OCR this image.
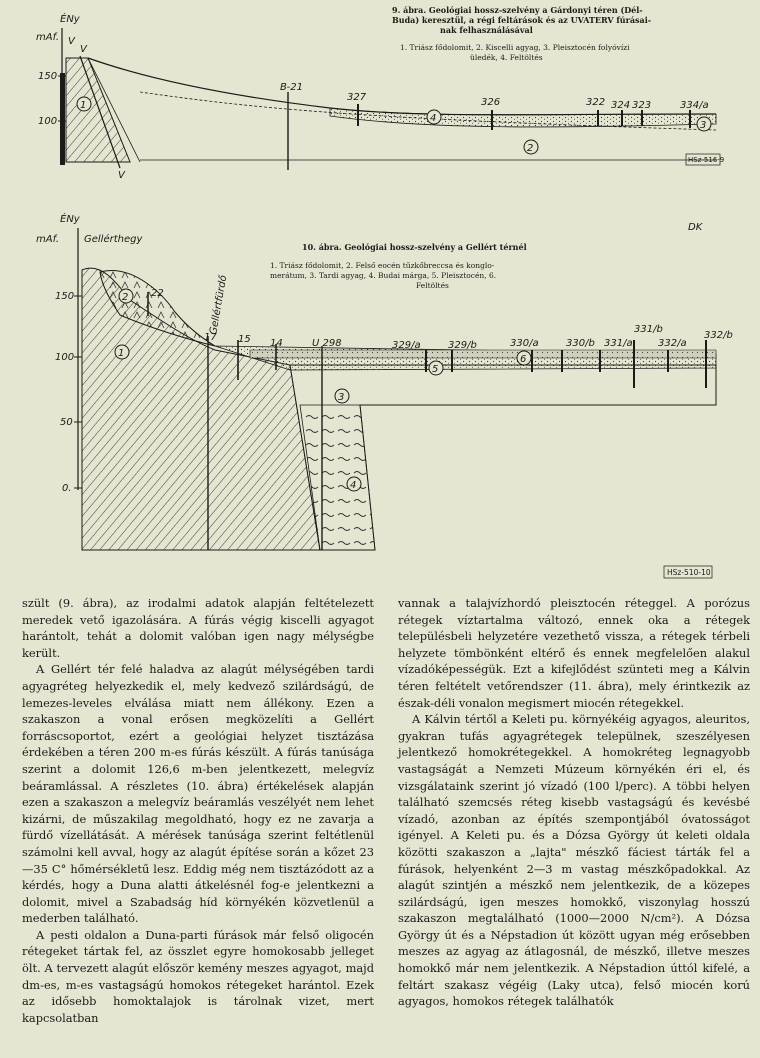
ÉNy
mAf.
150
100
V
V
V
B-21
327	326	322 324 323	334/a
1
2
3
4
HSz-516-9
9. ábra. Geológiai hossz-szelvény a Gárdonyi téren (Dél-
Buda) keresztül, a régi feltárások és az UVATERV fúrásai-
nak felhasználásával
1. Triász fődolomit, 2. Kiscelli agyag, 3. Pleisztocén folyóvízi
üledék, 4. Feltöltés
ÉNy
mAf. Gellérthegy
DK
150
100
50
0.
22	Gellértfürdő
17 15 14	U 298	329/a	329/b	330/a	330/b 331/a
331/b
332/a
332/b
1
2
3
4
5
6
HSz-510-10
10. ábra. Geológiai hossz-szelvény a Gellért térnél
1. Triász fődolomit, 2. Felső eocén tűzkőbreccsa és konglo-
merátum, 3. Tardi agyag, 4. Budai márga, 5. Pleisztocén, 6.
Feltöltés

szült (9. ábra), az irodalmi adatok alapján feltételezett meredek vető igazolására. A fúrás végig kiscelli agyagot harántolt, tehát a dolomit valóban igen nagy mélységbe került.

A Gellért tér felé haladva az alagút mélységében tardi agyagréteg helyezkedik el, mely kedvező szilárdságú, de lemezes-leveles elválása miatt nem állékony. Ezen a szakaszon a vonal erősen megközelíti a Gellért forráscsoportot, ezért a geológiai helyzet tisztázása érdekében a téren 200 m-es fúrás készült. A fúrás tanúsága szerint a dolomit 126,6 m-ben jelentkezett, melegvíz beáramlással. A részletes (10. ábra) értékelések alapján ezen a szakaszon a melegvíz beáramlás veszélyét nem lehet kizárni, de műszakilag megoldható, hogy ez ne zavarja a fürdő vízellátását. A mérések tanúsága szerint feltétlenül számolni kell avval, hogy az alagút építése során a kőzet 23—35 C° hőmérsékletű lesz. Eddig még nem tisztázódott az a kérdés, hogy a Duna alatti átkelésnél fog-e jelentkezni a dolomit, mivel a Szabadság híd környékén közvetlenül a mederben található.

A pesti oldalon a Duna-parti fúrások már felső oligocén rétegeket tártak fel, az összlet egyre homokosabb jelleget ölt. A tervezett alagút először kemény meszes agyagot, majd dm-es, m-es vastagságú homokos rétegeket harántol. Ezek az idősebb homoktalajok is tárolnak vizet, mert kapcsolatban

vannak a talajvízhordó pleisztocén réteggel. A porózus rétegek víztartalma változó, ennek oka a rétegek településbeli helyzetére vezethető vissza, a rétegek térbeli helyzete tömbönként eltérő és ennek megfelelően alakul vízadóképességük. Ezt a kifejlődést szünteti meg a Kálvin téren feltételt vetőrendszer (11. ábra), mely érintkezik az észak-déli vonalon megismert miocén rétegekkel.

A Kálvin tértől a Keleti pu. környékéig agyagos, aleuritos, gyakran tufás agyagrétegek települnek, szeszélyesen jelentkező homokrétegekkel. A homokréteg legnagyobb vastagságát a Nemzeti Múzeum környékén éri el, és vizsgálataink szerint jó vízadó (100 l/perc). A többi helyen található szemcsés réteg kisebb vastagságú és kevésbé vízadó, azonban az építés szempontjából óvatosságot igényel. A Keleti pu. és a Dózsa György út keleti oldala közötti szakaszon a „lajta" mészkő fáciest tárták fel a fúrások, helyenként 2—3 m vastag mészkőpadokkal. Az alagút szintjén a mészkő nem jelentkezik, de a közepes szilárdságú, igen meszes homokkő, viszonylag hosszú szakaszon megtalálható (1000—2000 N/cm²). A Dózsa György út és a Népstadion út között ugyan még erősebben meszes az agyag az átlagosnál, de mészkő, illetve meszes homokkő már nem jelentkezik. A Népstadion úttól kifelé, a feltárt szakasz végéig (Laky utca), felső miocén korú agyagos, homokos rétegek találhatók
